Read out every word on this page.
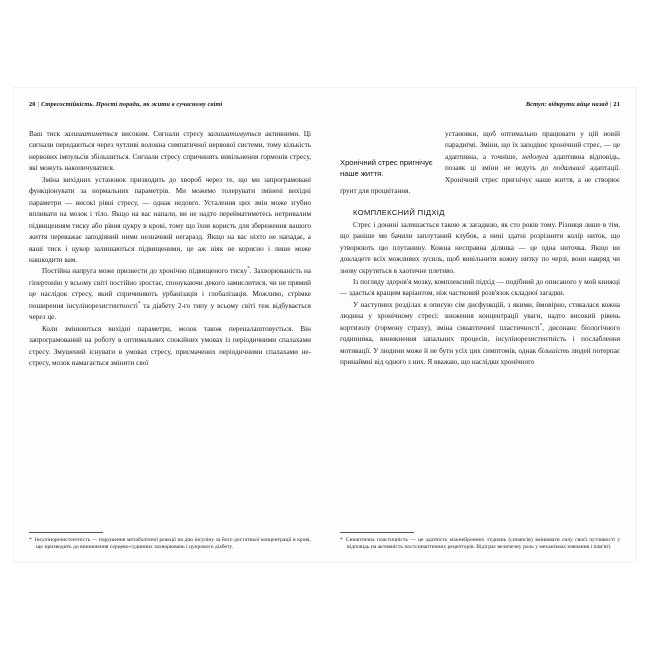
20 | Стресостійкість. Прості поради, як жити в сучасному світі

Ваш тиск залишатиметься високим. Сигнали стресу залишатимуться активними. Ці сигнали передаються через чутливі волокна симпатичної нервової системи, тому кількість нервових імпульсів збільшиться. Сигнали стресу спричинять вивільнення гормонів стресу, які можуть накопичуватися.

Зміна вихідних установок призводить до хвороб через те, що ми запрограмовані функціонувати за нормальних параметрів. Ми можемо толерувати змінені вихідні параметри — високі рівні стресу, — однак недовго. Усталення цих змін може згубно впливати на мозок і тіло. Якщо на вас напали, ви не надто перейматиметесь нетривалим підвищенням тиску або рівня цукру в крові, тому що їхня користь для збереження вашого життя переважає заподіяний ними незначний негаразд. Якщо на вас ніхто не нападає, а ваші тиск і цукор залишаються підвищеними, це аж ніяк не корисно і лише може нашкодити вам.

Постійна напруга може призвести до хронічно підвищеного тиску*. Захворюваність на гіпертонію у всьому світі постійно зростає, спонукаючи декого замислитися, чи не прямий це наслідок стресу, який спричиняють урбанізація і глобалізація. Можливо, стрімке поширення інсулінорезистентності* та діабету 2-го типу у всьому світі теж відбувається через це.

Коли змінюються вихідні параметри, мозок також переналаштовується. Він запрограмований на роботу в оптимальних спокійних умовах із періодичними спалахами стресу. Змушений існувати в умовах стресу, присмачених періодичними спалахами не-стресу, мозок намагається змінити свої

* Інсулінорезистентність — порушення метаболічної реакції на дію інсуліну за його достатньої концентрації в крові, що призводить до виникнення серцево-судинних захворювань і цукрового діабету.
Вступ: відкрути яйце назад | 21
Хронічний стрес пригнічує наше життя.

установки, щоб оптимально працювати у цій новій парадигмі. Зміни, що їх заподіює хронічний стрес, — це адаптивна, а точніше, недолуга адаптивна відповідь, позаяк ці зміни не ведуть до подальшої адаптації. Хронічний стрес пригнічує наше життя, а не створює ґрунт для процвітання.

КОМПЛЕКСНИЙ ПІДХІД

Стрес і донині залишається такою ж загадкою, як сто років тому. Різниця лише в тім, що раніше ми бачили заплутаний клубок, а нині здатні розрізнити колір ниток, що утворюють цю плутанину. Кожна несправна ділянка — це одна ниточка. Якщо ви докладете всіх можливих зусиль, щоб вивільнити кожну нитку по черзі, вони навряд чи знову скрутяться в хаотичне плетиво.

Із погляду здоров'я мозку, комплексний підхід — подібний до описаного у мой книжці — здається кращим варіантом, ніж частковий розв'язок складної загадки.

У наступних розділах я описую сім дисфункцій, з якими, ймовірно, стикалася кожна людина у хронічному стресі: зниження концентрації уваги, надто високий рівень кортизолу (гормону страху), зміна синаптичної пластичності*, дисонанс біологічного годинника, виникнення запальних процесів, інсулінорезистентність і послаблення мотивації. У людини може й не бути усіх цих симптомів, однак більшість людей потерпає принаймні від одного з них. Я вважаю, що наслідки хронічного

* Синаптична пластичність — це здатність міжнейронних з'єднань (синапсів) змінювати силу своєї чутливості у відповідь на активність постсинаптичних рецепторів. Відіграє величезну роль у механізмах навчання і пам'яті.
